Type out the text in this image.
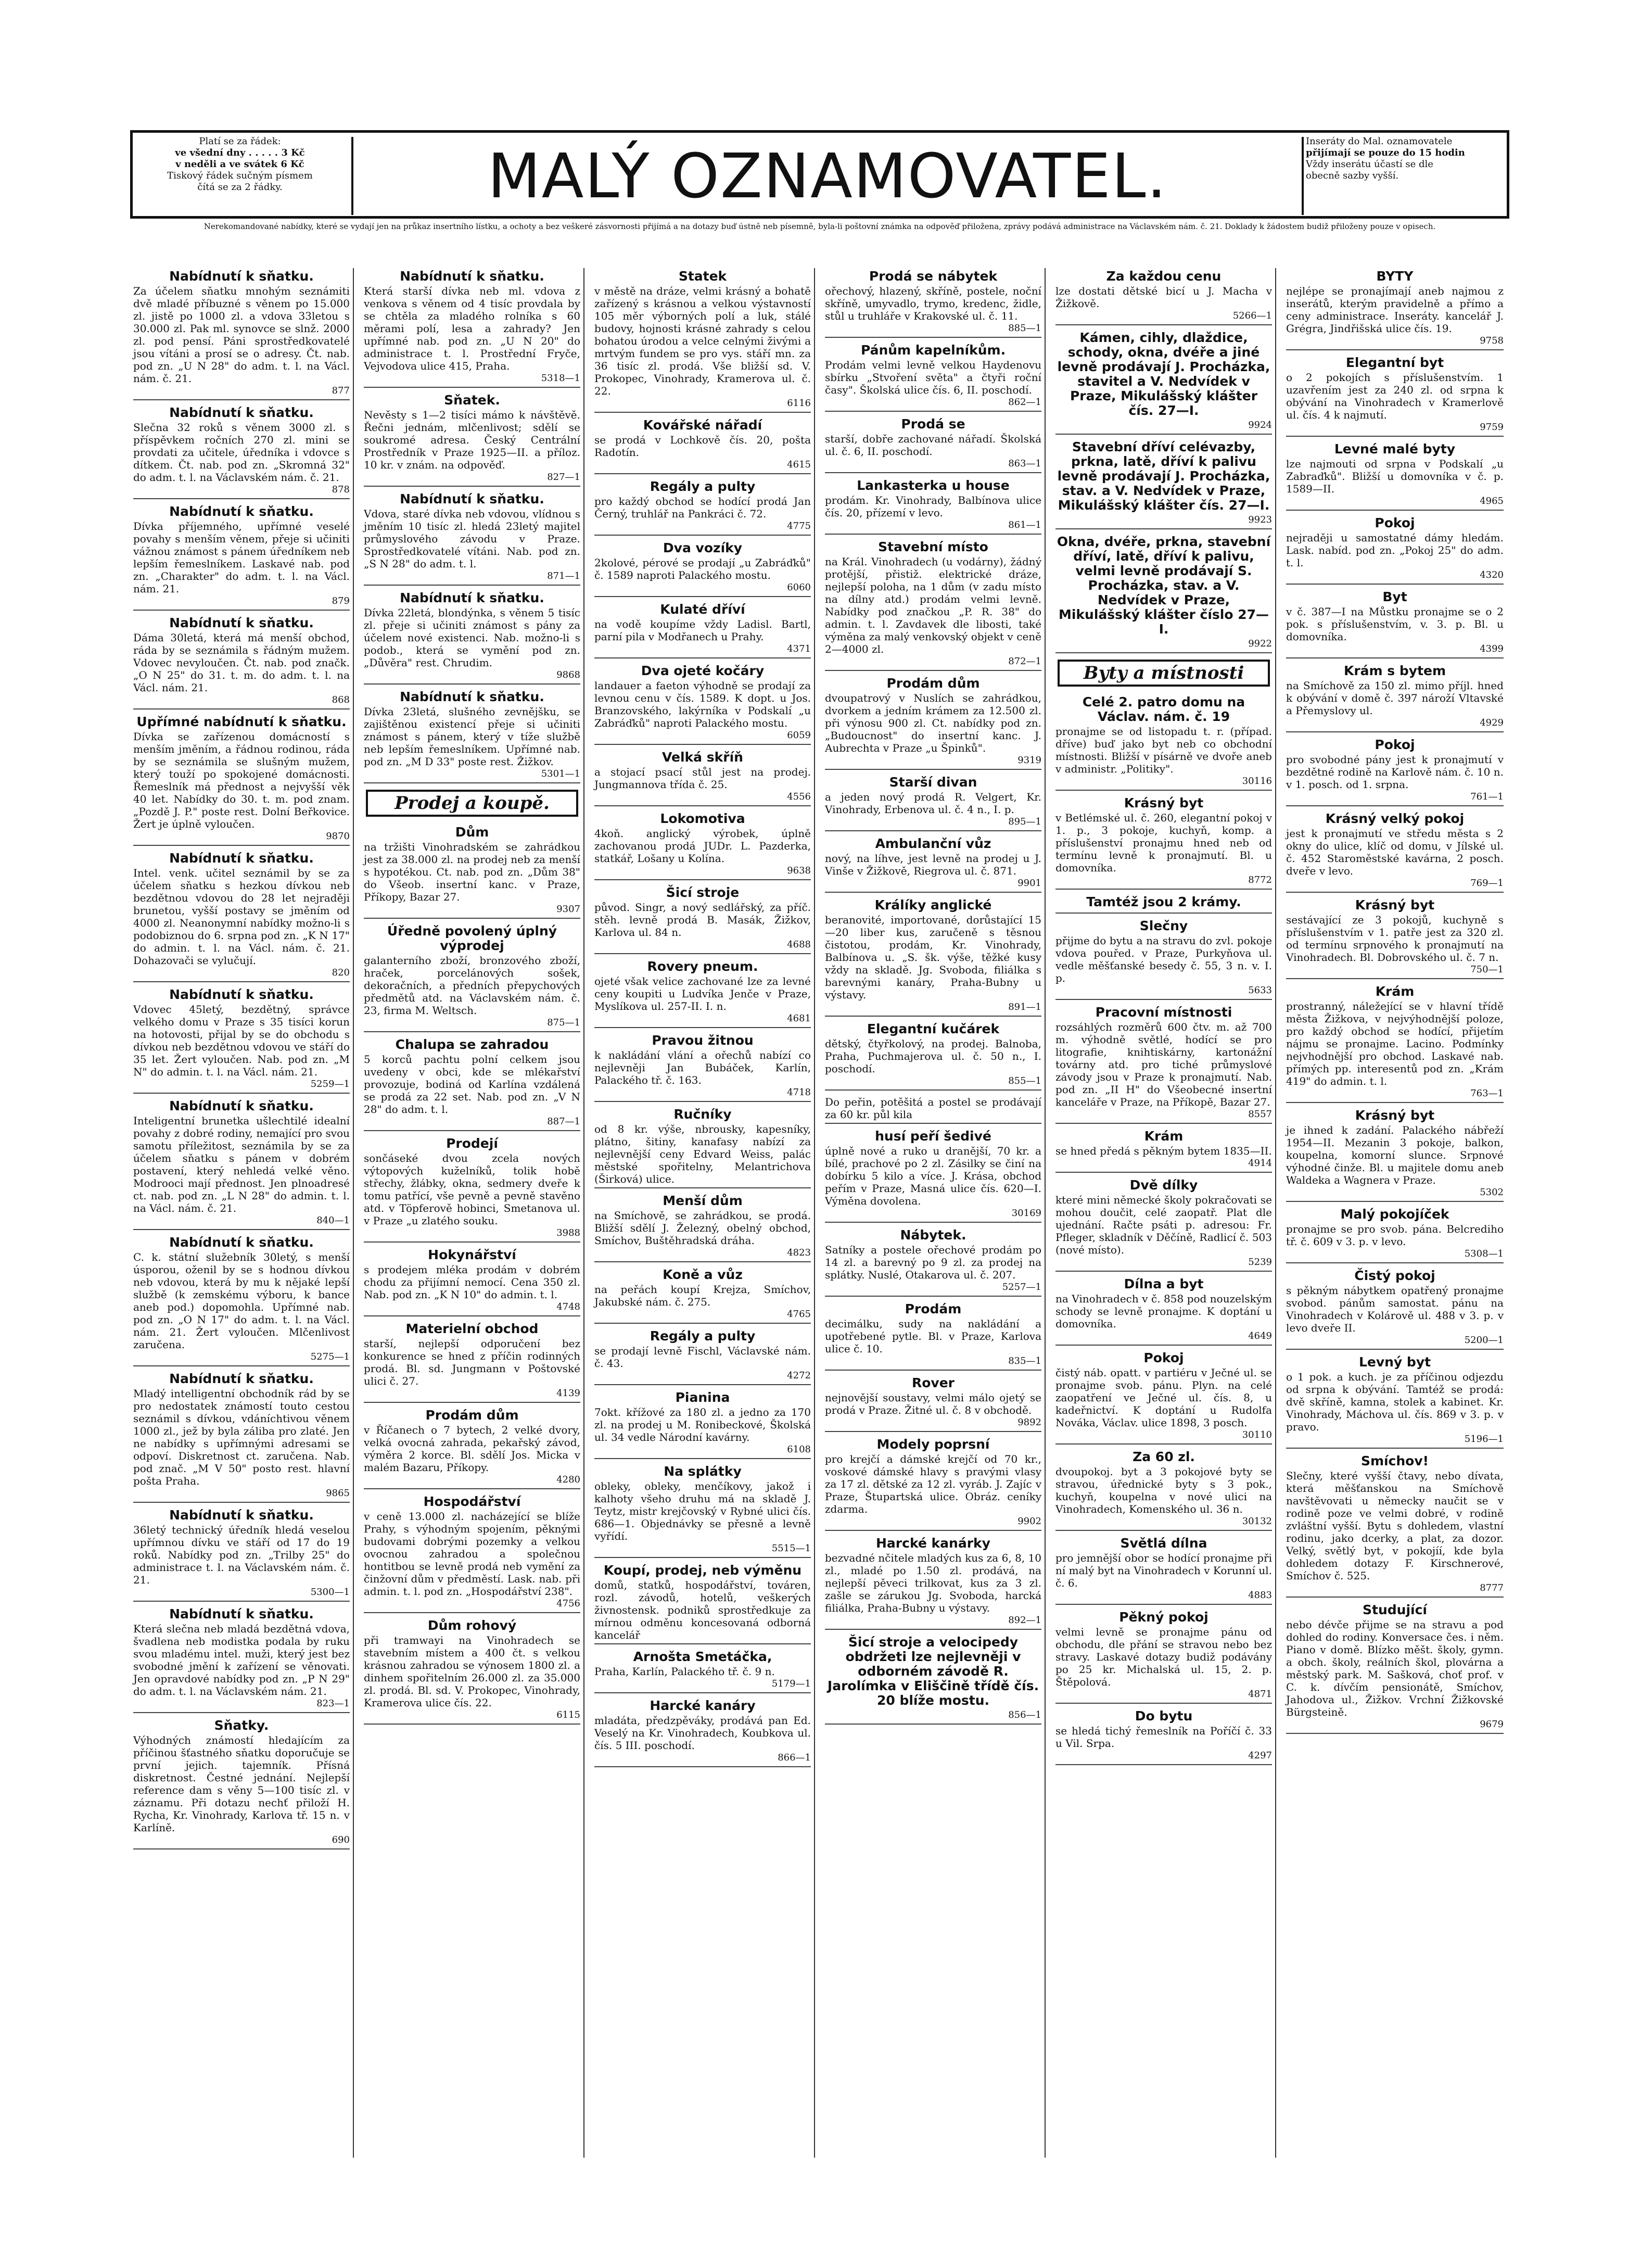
Platí se za řádek:
ve všední dny . . . . . 3 Kč
v neděli a ve svátek 6 Kč
Tiskový řádek sučným písmem
čítá se za 2 řádky.	MALÝ OZNAMOVATEL.	Inseráty do Mal. oznamovatele
přijímají se pouze do 15 hodin
Vždy inserátu účastí se dle
obecně sazby vyšší.
Nerekomandované nabídky, které se vydají jen na průkaz insertního lístku, a ochoty a bez veškeré zásvornosti přijímá a na dotazy buď ústně neb písemně, byla-li poštovní známka na odpověď přiložena, zprávy podává administrace na Václavském nám. č. 21. Doklady k žádostem budiž přiloženy pouze v opisech.
Nabídnutí k sňatku.
Za účelem sňatku mnohým seznámiti dvě mladé příbuzné s věnem po 15.000 zl. jistě po 1000 zl. a vdova 33letou s 30.000 zl. Pak ml. synovce se slnž. 2000 zl. pod pensí. Páni sprostředkovatelé jsou vítáni a prosí se o adresy. Čt. nab. pod zn. „U N 28" do adm. t. l. na Václ. nám. č. 21.
877
Nabídnutí k sňatku.
Slečna 32 roků s věnem 3000 zl. s příspěvkem ročních 270 zl. mini se provdati za učitele, úředníka i vdovce s dítkem. Čt. nab. pod zn. „Skromná 32" do adm. t. l. na Václavském nám. č. 21.
878
Nabídnutí k sňatku.
Dívka příjemného, upřímné veselé povahy s menším věnem, přeje si učiniti vážnou známost s pánem úředníkem neb lepším řemeslníkem. Laskavé nab. pod zn. „Charakter" do adm. t. l. na Václ. nám. 21.
879
Nabídnutí k sňatku.
Dáma 30letá, která má menší obchod, ráda by se seznámila s řádným mužem. Vdovec nevyloučen. Čt. nab. pod značk. „O N 25" do 31. t. m. do adm. t. l. na Václ. nám. 21.
868
Upřímné nabídnutí k sňatku.
Dívka se zařízenou domácností s menším jměním, a řádnou rodinou, ráda by se seznámila se slušným mužem, který touží po spokojené domácnosti. Řemeslník má přednost a nejvyšší věk 40 let. Nabídky do 30. t. m. pod znam. „Pozdě J. P." poste rest. Dolní Beřkovice. Žert je úplně vyloučen.
9870
Nabídnutí k sňatku.
Intel. venk. učitel seznámil by se za účelem sňatku s hezkou dívkou neb bezdětnou vdovou do 28 let nejraději brunetou, vyšší postavy se jměním od 4000 zl. Neanonymní nabídky možno-li s podobiznou do 6. srpna pod zn. „K N 17" do admin. t. l. na Václ. nám. č. 21. Dohazovači se vylučují.
820
Nabídnutí k sňatku.
Vdovec 45letý, bezdětný, správce velkého domu v Praze s 35 tisíci korun na hotovosti, přijal by se do obchodu s dívkou neb bezdětnou vdovou ve stáří do 35 let. Žert vyloučen. Nab. pod zn. „M N" do admin. t. l. na Václ. nám. 21.
5259—1
Nabídnutí k sňatku.
Inteligentní brunetka ušlechtilé idealní povahy z dobré rodiny, nemající pro svou samotu příležitost, seznámila by se za účelem sňatku s pánem v dobrém postavení, který nehledá velké věno. Modrooci mají přednost. Jen plnoadresé ct. nab. pod zn. „L N 28" do admin. t. l. na Václ. nám. č. 21.
840—1
Nabídnutí k sňatku.
C. k. státní služebník 30letý, s menší úsporou, oženil by se s hodnou dívkou neb vdovou, která by mu k nějaké lepší službě (k zemskému výboru, k bance aneb pod.) dopomohla. Upřímné nab. pod zn. „O N 17" do adm. t. l. na Václ. nám. 21. Žert vyloučen. Mlčenlivost zaručena.
5275—1
Nabídnutí k sňatku.
Mladý intelligentní obchodník rád by se pro nedostatek známostí touto cestou seznámil s dívkou, vdáníchtivou věnem 1000 zl., jež by byla záliba pro zlaté. Jen ne nabídky s upřímnými adresami se odpoví. Diskretnost ct. zaručena. Nab. pod znač. „M V 50" posto rest. hlavní pošta Praha.
9865
Nabídnutí k sňatku.
36letý technický úředník hledá veselou upřímnou dívku ve stáří od 17 do 19 roků. Nabídky pod zn. „Trilby 25" do administrace t. l. na Václavském nám. č. 21.
5300—1
Nabídnutí k sňatku.
Která slečna neb mladá bezdětná vdova, švadlena neb modistka podala by ruku svou mladému intel. muži, který jest bez svobodné jmění k zařízení se věnovati. Jen opravdové nabídky pod zn. „P N 29" do adm. t. l. na Václavském nám. 21.
823—1
Sňatky.
Výhodných známostí hledajícím za příčinou šťastného sňatku doporučuje se první jejich. tajemník. Přísná diskretnost. Čestné jednání. Nejlepší reference dam s věny 5—100 tisíc zl. v záznamu. Při dotazu nechť přiloží H. Rycha, Kr. Vinohrady, Karlova tř. 15 n. v Karlíně.
690
Nabídnutí k sňatku.
Která starší dívka neb ml. vdova z venkova s věnem od 4 tisíc provdala by se chtěla za mladého rolníka s 60 měrami polí, lesa a zahrady? Jen upřímné nab. pod zn. „U N 20" do administrace t. l. Prostřední Fryče, Vejvodova ulice 415, Praha.
5318—1
Sňatek.
Nevěsty s 1—2 tisíci mámo k návštěvě. Řečni jednám, mlčenlivost; sdělí se soukromé adresa. Český Centrální Prostředník v Praze 1925—II. a příloz. 10 kr. v znám. na odpověď.
827—1
Nabídnutí k sňatku.
Vdova, staré dívka neb vdovou, vlídnou s jměním 10 tisíc zl. hledá 23letý majitel průmyslového závodu v Praze. Sprostředkovatelé vítáni. Nab. pod zn. „S N 28" do adm. t. l.
871—1
Nabídnutí k sňatku.
Dívka 22letá, blondýnka, s věnem 5 tisíc zl. přeje si učiniti známost s pány za účelem nové existenci. Nab. možno-li s podob., která se vymění pod zn. „Důvěra" rest. Chrudim.
9868
Nabídnutí k sňatku.
Dívka 23letá, slušného zevnějšku, se zajištěnou existencí přeje si učiniti známost s pánem, který v tíže službě neb lepším řemeslníkem. Upřímné nab. pod zn. „M D 33" poste rest. Žižkov.
5301—1
Prodej a koupě.
Dům
na tržišti Vinohradském se zahrádkou jest za 38.000 zl. na prodej neb za menší s hypotékou. Ct. nab. pod zn. „Dům 38" do Všeob. insertní kanc. v Praze, Příkopy, Bazar 27.
9307
Úředně povolený úplný výprodej
galanterního zboží, bronzového zboží, hraček, porcelánových sošek, dekoračních, a předních přepychových předmětů atd. na Václavském nám. č. 23, firma M. Weltsch.
875—1
Chalupa se zahradou
5 korců pachtu polní celkem jsou uvedeny v obci, kde se mlékařství provozuje, bodiná od Karlína vzdálená se prodá za 22 set. Nab. pod zn. „V N 28" do adm. t. l.
887—1
Prodejí
sončáseké dvou zcela nových výtopových kuželníků, tolik hobě střechy, žlábky, okna, sedmery dveře k tomu patřící, vše pevně a pevně stavěno atd. v Töpferově hobinci, Smetanova ul. v Praze „u zlatého souku.
3988
Hokynářství
s prodejem mléka prodám v dobrém chodu za přijímní nemocí. Cena 350 zl. Nab. pod zn. „K N 10" do admin. t. l.
4748
Materielní obchod
starší, nejlepší odporučení bez konkurence se hned z příčin rodinných prodá. Bl. sd. Jungmann v Poštovské ulici č. 27.
4139
Prodám dům
v Říčanech o 7 bytech, 2 velké dvory, velká ovocná zahrada, pekařský závod, výměra 2 korce. Bl. sdělí Jos. Micka v malém Bazaru, Příkopy.
4280
Hospodářství
v ceně 13.000 zl. nacházející se blíže Prahy, s výhodným spojením, pěknými budovami dobrými pozemky a velkou ovocnou zahradou a společnou hontitbou se levně prodá neb vymění za činžovní dům v předměstí. Lask. nab. při admin. t. l. pod zn. „Hospodářství 238".
4756
Dům rohový
při tramwayi na Vinohradech se stavebním místem a 400 čt. s velkou krásnou zahradou se výnosem 1800 zl. a dinhem spořitelním 26.000 zl. za 35.000 zl. prodá. Bl. sd. V. Prokopec, Vinohrady, Kramerova ulice čís. 22.
6115
Statek
v městě na dráze, velmi krásný a bohatě zařízený s krásnou a velkou výstavností 105 měr výborných polí a luk, stálé budovy, hojnosti krásné zahrady s celou bohatou úrodou a velce celnými živými a mrtvým fundem se pro vys. stáří mn. za 36 tisíc zl. prodá. Vše bližší sd. V. Prokopec, Vinohrady, Kramerova ul. č. 22.
6116
Kovářské nářadí
se prodá v Lochkově čís. 20, pošta Radotín.
4615
Regály a pulty
pro každý obchod se hodící prodá Jan Černý, truhlář na Pankráci č. 72.
4775
Dva vozíky
2kolové, pérové se prodají „u Zabráďků" č. 1589 naproti Palackého mostu.
6060
Kulaté dříví
na vodě koupíme vždy Ladisl. Bartl, parní pila v Modřanech u Prahy.
4371
Dva ojeté kočáry
landauer a faeton výhodně se prodají za levnou cenu v čís. 1589. K dopt. u Jos. Branzovského, lakýrníka v Podskalí „u Zabráďků" naproti Palackého mostu.
6059
Velká skříň
a stojací psací stůl jest na prodej. Jungmannova třída č. 25.
4556
Lokomotiva
4koň. anglický výrobek, úplně zachovanou prodá JUDr. L. Pazderka, statkář, Lošany u Kolína.
9638
Šicí stroje
původ. Singr, a nový sedlářský, za příč. stěh. levně prodá B. Masák, Žižkov, Karlova ul. 84 n.
4688
Rovery pneum.
ojeté však velice zachované lze za levné ceny koupiti u Ludvíka Jenče v Praze, Myslíkova ul. 257-II. I. n.
4681
Pravou žitnou
k nakládání vlání a ořechů nabízí co nejlevněji Jan Bubáček, Karlín, Palackého tř. č. 163.
4718
Ručníky
od 8 kr. výše, nbrousky, kapesníky, plátno, šitiny, kanafasy nabízí za nejlevnější ceny Edvard Weiss, palác městské spořitelny, Melantrichova (Širková) ulice.
Menší dům
na Smíchově, se zahrádkou, se prodá. Bližší sdělí J. Železný, obelný obchod, Smíchov, Buštěhradská dráha.
4823
Koně a vůz
na peřách koupí Krejza, Smíchov, Jakubské nám. č. 275.
4765
Regály a pulty
se prodají levně Fischl, Václavské nám. č. 43.
4272
Pianina
7okt. křížové za 180 zl. a jedno za 170 zl. na prodej u M. Ronibeckové, Školská ul. 34 vedle Národní kavárny.
6108
Na splátky
obleky, obleky, menčíkovy, jakož i kalhoty všeho druhu má na skladě J. Teytz, mistr krejčovský v Rybné ulici čís. 686—1. Objednávky se přesně a levně vyřídí.
5515—1
Koupí, prodej, neb výměnu
domů, statků, hospodářství, továren, rozl. závodů, hotelů, veškerých živnostensk. podniků sprostředkuje za mírnou odměnu koncesovaná odborná kancelář
Arnošta Smetáčka,
Praha, Karlín, Palackého tř. č. 9 n.
5179—1
Harcké kanáry
mladáta, předzpěváky, prodává pan Ed. Veselý na Kr. Vinohradech, Koubkova ul. čís. 5 III. poschodí.
866—1
Prodá se nábytek
ořechový, hlazený, skříně, postele, noční skříně, umyvadlo, trymo, kredenc, židle, stůl u truhláře v Krakovské ul. č. 11.
885—1
Pánům kapelníkům.
Prodám velmi levně velkou Haydenovu sbírku „Stvoření světa" a čtyři roční časy". Školská ulice čís. 6, II. poschodí.
862—1
Prodá se
starší, dobře zachované nářadí. Školská ul. č. 6, II. poschodí.
863—1
Lankasterka u house
prodám. Kr. Vinohrady, Balbínova ulice čís. 20, přízemí v levo.
861—1
Stavební místo
na Král. Vinohradech (u vodárny), žádný protější, přistiž. elektrické dráze, nejlepší poloha, na 1 dům (v zadu místo na dílny atd.) prodám velmi levně. Nabídky pod značkou „P. R. 38" do admin. t. l. Zavdavek dle libosti, také výměna za malý venkovský objekt v ceně 2—4000 zl.
872—1
Prodám dům
dvoupatrový v Nuslích se zahrádkou, dvorkem a jedním krámem za 12.500 zl. při výnosu 900 zl. Ct. nabídky pod zn. „Budoucnost" do insertní kanc. J. Aubrechta v Praze „u Špinků".
9319
Starší divan
a jeden nový prodá R. Velgert, Kr. Vinohrady, Erbenova ul. č. 4 n., I. p.
895—1
Ambulanční vůz
nový, na líhve, jest levně na prodej u J. Vinše v Žižkově, Riegrova ul. č. 871.
9901
Králíky anglické
beranovité, importované, dorůstající 15—20 liber kus, zaručeně s těsnou čistotou, prodám, Kr. Vinohrady, Balbínova u. „S. šk. výše, těžké kusy vždy na skladě. Jg. Svoboda, filiálka s barevnými kanáry, Praha-Bubny u výstavy.
891—1
Elegantní kučárek
dětský, čtyřkolový, na prodej. Balnoba, Praha, Puchmajerova ul. č. 50 n., I. poschodí.
855—1
Do peřin, potěšitá a postel se prodávají za 60 kr. půl kila
husí peří šedivé
úplně nové a ruko u dranější, 70 kr. a bílé, prachové po 2 zl. Zásilky se činí na dobírku 5 kilo a více. J. Krása, obchod peřím v Praze, Masná ulice čís. 620—I. Výměna dovolena.
30169
Nábytek.
Satníky a postele ořechové prodám po 14 zl. a barevný po 9 zl. za prodej na splátky. Nuslé, Otakarova ul. č. 207.
5257—1
Prodám
decimálku, sudy na nakládání a upotřebené pytle. Bl. v Praze, Karlova ulice č. 10.
835—1
Rover
nejnovější soustavy, velmi málo ojetý se prodá v Praze. Žitné ul. č. 8 v obchodě.
9892
Modely poprsní
pro krejčí a dámské krejčí od 70 kr., voskové dámské hlavy s pravými vlasy za 17 zl. dětské za 12 zl. vyráb. J. Zajíc v Praze, Štupartská ulice. Obráz. ceníky zdarma.
9902
Harcké kanárky
bezvadné nčitele mladých kus za 6, 8, 10 zl., mladé po 1.50 zl. prodává, na nejlepší pěveci trilkovat, kus za 3 zl. zašle se zárukou Jg. Svoboda, harcká filiálka, Praha-Bubny u výstavy.
892—1
Šicí stroje a velocipedy obdržeti lze nejlevněji v odborném závodě R. Jarolímka v Eliščině třídě čís. 20 blíže mostu.
856—1
Za každou cenu
lze dostati dětské bicí u J. Macha v Žižkově.
5266—1
Kámen, cihly, dlaždice, schody, okna, dvéře a jiné levně prodávají J. Procházka, stavitel a V. Nedvídek v Praze, Mikulášský klášter čís. 27—I.
9924
Stavební dříví celévazby, prkna, latě, dříví k palivu levně prodávají J. Procházka, stav. a V. Nedvídek v Praze, Mikulášský klášter čís. 27—I.
9923
Okna, dvéře, prkna, stavební dříví, latě, dříví k palivu, velmi levně prodávají S. Procházka, stav. a V. Nedvídek v Praze, Mikulášský klášter číslo 27—I.
9922
Byty a místnosti
Celé 2. patro domu na Václav. nám. č. 19
pronajme se od listopadu t. r. (případ. dříve) buď jako byt neb co obchodní místnosti. Bližší v písárně ve dvoře aneb v administr. „Politiky".
30116
Krásný byt
v Betlémské ul. č. 260, elegantní pokoj v 1. p., 3 pokoje, kuchyň, komp. a příslušenství pronajmu hned neb od termínu levně k pronajmutí. Bl. u domovníka.
8772
Tamtéž jsou 2 krámy.
Slečny
přijme do bytu a na stravu do zvl. pokoje vdova pouřed. v Praze, Purkyňova ul. vedle měšťanské besedy č. 55, 3 n. v. I. p.
5633
Pracovní místnosti
rozsáhlých rozměrů 600 čtv. m. až 700 m. výhodně světlé, hodící se pro litografie, knihtiskárny, kartonážní továrny atd. pro tiché průmyslové závody jsou v Praze k pronajmutí. Nab. pod zn. „II H" do Všeobecné insertní kanceláře v Praze, na Příkopě, Bazar 27.
8557
Krám
se hned předá s pěkným bytem 1835—II.
4914
Dvě dílky
které mini německé školy pokračovati se mohou doučit, celé zaopatř. Plat dle ujednání. Račte psáti p. adresou: Fr. Pfleger, skladník v Děčíně, Radlicí č. 503 (nové místo).
5239
Dílna a byt
na Vinohradech v č. 858 pod nouzelským schody se levně pronajme. K doptání u domovníka.
4649
Pokoj
čistý náb. opatt. v partiéru v Ječné ul. se pronajme svob. pánu. Plyn. na celé zaopatření ve Ječné ul. čís. 8, u kadeřnictví. K doptání u Rudolfa Nováka, Václav. ulice 1898, 3 posch.
30110
Za 60 zl.
dvoupokoj. byt a 3 pokojové byty se stravou, úřednické byty s 3 pok., kuchyň, koupelna v nové ulici na Vinohradech, Komenského ul. 36 n.
30132
Světlá dílna
pro jemnější obor se hodící pronajme při ní malý byt na Vinohradech v Korunní ul. č. 6.
4883
Pěkný pokoj
velmi levně se pronajme pánu od obchodu, dle přání se stravou nebo bez stravy. Laskavé dotazy budiž podávány po 25 kr. Michalská ul. 15, 2. p. Štěpolová.
4871
Do bytu
se hledá tichý řemeslník na Poříčí č. 33 u Vil. Srpa.
4297
BYTY
nejlépe se pronajímají aneb najmou z inserátů, kterým pravidelně a přímo a ceny administrace. Inseráty. kancelář J. Grégra, Jindřišská ulice čís. 19.
9758
Elegantní byt
o 2 pokojích s příslušenstvím. 1 uzavřením jest za 240 zl. od srpna k obývání na Vinohradech v Kramerlově ul. čís. 4 k najmutí.
9759
Levné malé byty
lze najmouti od srpna v Podskalí „u Zabraďků". Bližší u domovníka v č. p. 1589—II.
4965
Pokoj
nejraději u samostatné dámy hledám. Lask. nabíd. pod zn. „Pokoj 25" do adm. t. l.
4320
Byt
v č. 387—I na Můstku pronajme se o 2 pok. s příslušenstvím, v. 3. p. Bl. u domovníka.
4399
Krám s bytem
na Smíchově za 150 zl. mimo příjl. hned k obývání v domě č. 397 nároží Vltavské a Přemyslovy ul.
4929
Pokoj
pro svobodné pány jest k pronajmutí v bezdětné rodině na Karlově nám. č. 10 n. v 1. posch. od 1. srpna.
761—1
Krásný velký pokoj
jest k pronajmutí ve středu města s 2 okny do ulice, klíč od domu, v Jílské ul. č. 452 Staroměstské kavárna, 2 posch. dveře v levo.
769—1
Krásný byt
sestávající ze 3 pokojů, kuchyně s příslušenstvím v 1. patře jest za 320 zl. od termínu srpnového k pronajmutí na Vinohradech. Bl. Dobrovského ul. č. 7 n.
750—1
Krám
prostranný, náležející se v hlavní třídě města Žižkova, v nejvýhodnější poloze, pro každý obchod se hodící, přijetím nájmu se pronajme. Lacino. Podmínky nejvhodnější pro obchod. Laskavé nab. přímých pp. interesentů pod zn. „Krám 419" do admin. t. l.
763—1
Krásný byt
je ihned k zadání. Palackého nábřeží 1954—II. Mezanin 3 pokoje, balkon, koupelna, komorní slunce. Srpnové výhodné činže. Bl. u majitele domu aneb Waldeka a Wagnera v Praze.
5302
Malý pokojíček
pronajme se pro svob. pána. Belcrediho tř. č. 609 v 3. p. v levo.
5308—1
Čistý pokoj
s pěkným nábytkem opatřený pronajme svobod. pánům samostat. pánu na Vinohradech v Kolárově ul. 488 v 3. p. v levo dveře II.
5200—1
Levný byt
o 1 pok. a kuch. je za příčinou odjezdu od srpna k obývání. Tamtéž se prodá: dvě skříně, kamna, stolek a kabinet. Kr. Vinohrady, Máchova ul. čís. 869 v 3. p. v pravo.
5196—1
Smíchov!
Slečny, které vyšší čtavy, nebo dívata, která měšťanskou na Smíchově navštěvovati u německy naučit se v rodině poze ve velmi dobré, v rodině zvláštní vyšší. Bytu s dohledem, vlastní rodinu, jako dcerky, a plat, za dozor. Velký, světlý byt, v pokojíí, kde byla dohledem dotazy F. Kirschnerové, Smíchov č. 525.
8777
Studující
nebo dévče přijme se na stravu a pod dohled do rodiny. Konversace čes. i něm. Piano v domě. Blízko měšt. školy, gymn. a obch. školy, reálních škol, plovárna a městský park. M. Sašková, choť prof. v C. k. dívčím pensionátě, Smíchov, Jahodova ul., Žižkov. Vrchní Žižkovské Bürgsteině.
9679
